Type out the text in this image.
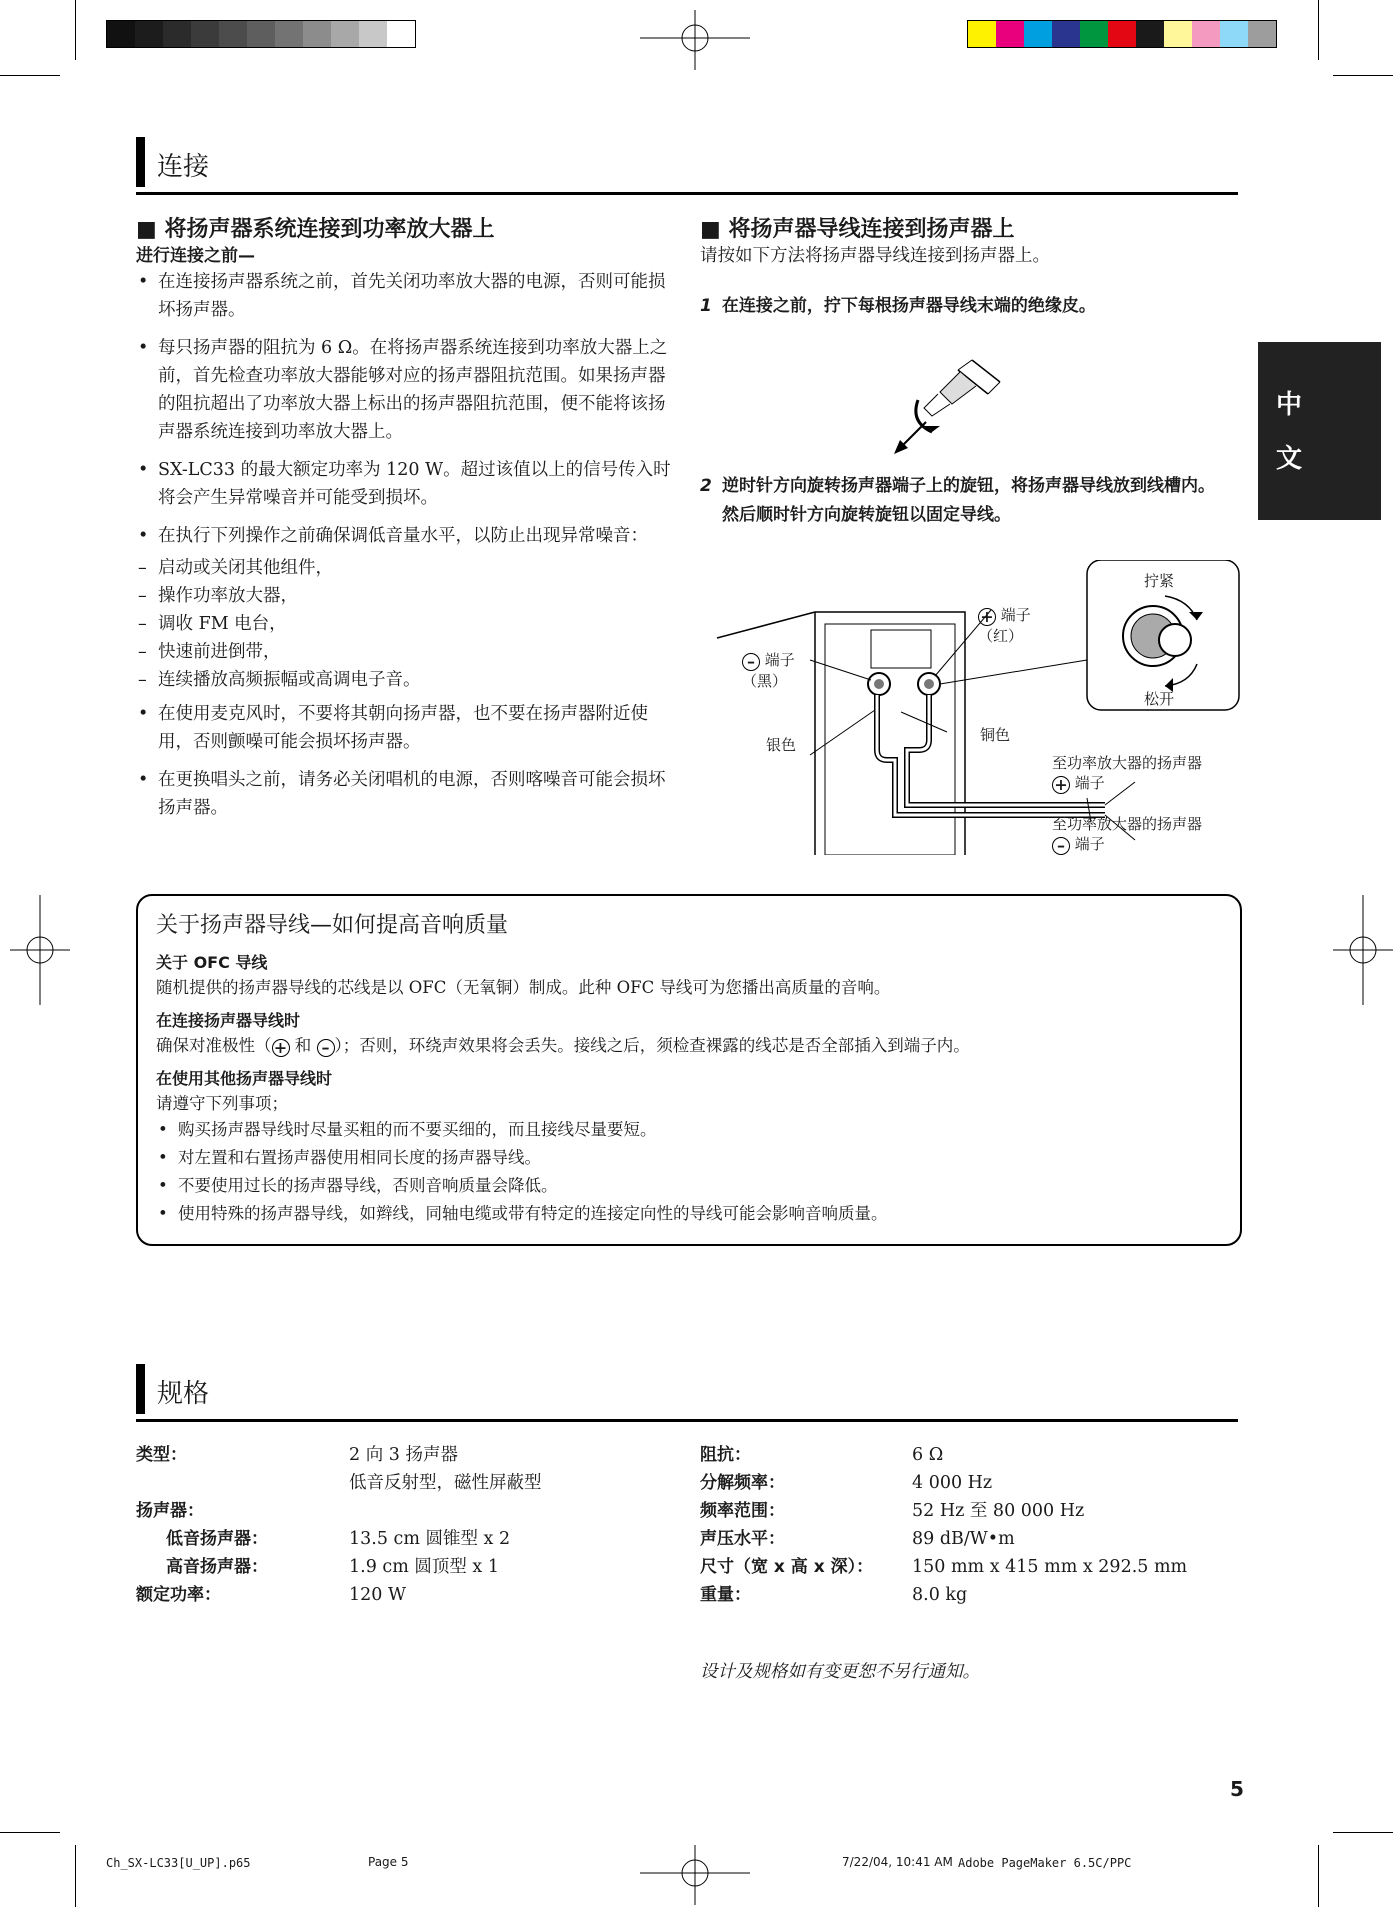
连接
中
文
■ 将扬声器系统连接到功率放大器上
进行连接之前—
• 在连接扬声器系统之前，首先关闭功率放大器的电源，否则可能损坏扬声器。
• 每只扬声器的阻抗为 6 Ω。在将扬声器系统连接到功率放大器上之前，首先检查功率放大器能够对应的扬声器阻抗范围。如果扬声器的阻抗超出了功率放大器上标出的扬声器阻抗范围，便不能将该扬声器系统连接到功率放大器上。
• SX-LC33 的最大额定功率为 120 W。超过该值以上的信号传入时将会产生异常噪音并可能受到损坏。
• 在执行下列操作之前确保调低音量水平，以防止出现异常噪音：
– 启动或关闭其他组件，
– 操作功率放大器，
– 调收 FM 电台，
– 快速前进倒带，
– 连续播放高频振幅或高调电子音。
• 在使用麦克风时，不要将其朝向扬声器，也不要在扬声器附近使用，否则颤噪可能会损坏扬声器。
• 在更换唱头之前，请务必关闭唱机的电源，否则喀噪音可能会损坏扬声器。
■ 将扬声器导线连接到扬声器上
请按如下方法将扬声器导线连接到扬声器上。
1 在连接之前，拧下每根扬声器导线末端的绝缘皮。
2 逆时针方向旋转扬声器端子上的旋钮，将扬声器导线放到线槽内。然后顺时针方向旋转旋钮以固定导线。
+ 端子
（红）
– 端子
（黑）
银色
铜色
拧紧
松开
至功率放大器的扬声器
+ 端子
至功率放大器的扬声器
– 端子
关于扬声器导线—如何提高音响质量
关于 OFC 导线
随机提供的扬声器导线的芯线是以 OFC（无氧铜）制成。此种 OFC 导线可为您播出高质量的音响。
在连接扬声器导线时
确保对准极性（ + 和 – ）；否则，环绕声效果将会丢失。接线之后，须检查裸露的线芯是否全部插入到端子内。
在使用其他扬声器导线时
请遵守下列事项；
• 购买扬声器导线时尽量买粗的而不要买细的，而且接线尽量要短。
• 对左置和右置扬声器使用相同长度的扬声器导线。
• 不要使用过长的扬声器导线，否则音响质量会降低。
• 使用特殊的扬声器导线，如辫线，同轴电缆或带有特定的连接定向性的导线可能会影响音响质量。
规格
类型：	2 向 3 扬声器
低音反射型，磁性屏蔽型
扬声器：
低音扬声器：	13.5 cm 圆锥型 x 2
高音扬声器：	1.9 cm 圆顶型 x 1
额定功率：	120 W
阻抗：	6 Ω
分解频率：	4 000 Hz
频率范围：	52 Hz 至 80 000 Hz
声压水平：	89 dB/W•m
尺寸（宽 x 高 x 深）： 150 mm x 415 mm x 292.5 mm
重量：	8.0 kg
设计及规格如有变更恕不另行通知。
5
Ch_SX-LC33[U_UP].p65	Page 5	7/22/04, 10:41 AM Adobe PageMaker 6.5C/PPC
